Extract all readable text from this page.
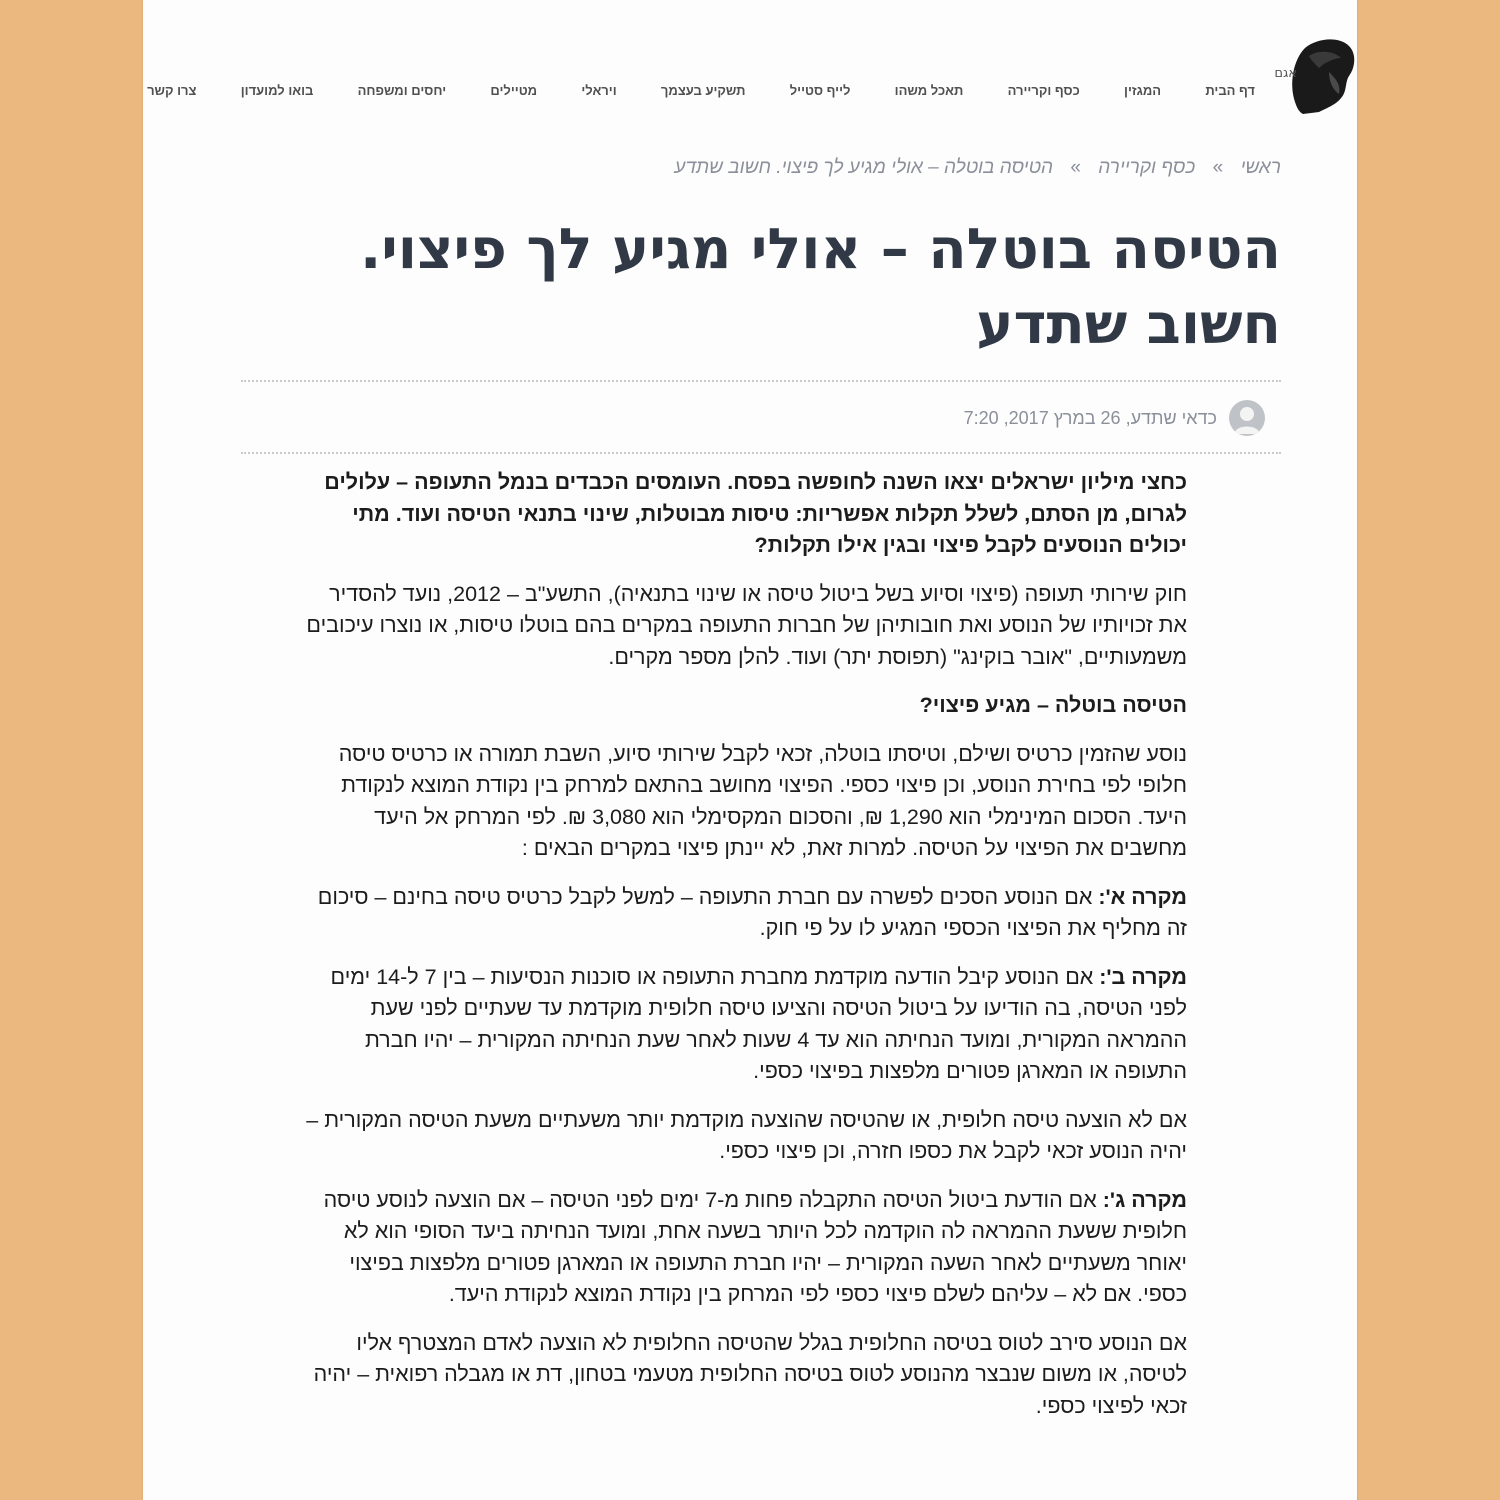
אגם
דף הבית
המגזין
כסף וקריירה
תאכל משהו
לייף סטייל
תשקיע בעצמך
ויראלי
מטיילים
יחסים ומשפחה
בואו למועדון
צרו קשר
ראשי » כסף וקריירה » הטיסה בוטלה – אולי מגיע לך פיצוי. חשוב שתדע
הטיסה בוטלה – אולי מגיע לך פיצוי. חשוב שתדע
כדאי שתדע, 26 במרץ 2017, 7:20

כחצי מיליון ישראלים יצאו השנה לחופשה בפסח. העומסים הכבדים בנמל התעופה – עלולים לגרום, מן הסתם, לשלל תקלות אפשריות: טיסות מבוטלות, שינוי בתנאי הטיסה ועוד. מתי יכולים הנוסעים לקבל פיצוי ובגין אילו תקלות?

חוק שירותי תעופה (פיצוי וסיוע בשל ביטול טיסה או שינוי בתנאיה), התשע"ב – 2012, נועד להסדיר את זכויותיו של הנוסע ואת חובותיהן של חברות התעופה במקרים בהם בוטלו טיסות, או נוצרו עיכובים משמעותיים, "אובר בוקינג" (תפוסת יתר) ועוד. להלן מספר מקרים.

הטיסה בוטלה – מגיע פיצוי?

נוסע שהזמין כרטיס ושילם, וטיסתו בוטלה, זכאי לקבל שירותי סיוע, השבת תמורה או כרטיס טיסה חלופי לפי בחירת הנוסע, וכן פיצוי כספי. הפיצוי מחושב בהתאם למרחק בין נקודת המוצא לנקודת היעד. הסכום המינימלי הוא 1,290 ₪, והסכום המקסימלי הוא 3,080 ₪. לפי המרחק אל היעד מחשבים את הפיצוי על הטיסה. למרות זאת, לא יינתן פיצוי במקרים הבאים :

מקרה א': אם הנוסע הסכים לפשרה עם חברת התעופה – למשל לקבל כרטיס טיסה בחינם – סיכום זה מחליף את הפיצוי הכספי המגיע לו על פי חוק.

מקרה ב': אם הנוסע קיבל הודעה מוקדמת מחברת התעופה או סוכנות הנסיעות – בין 7 ל-14 ימים לפני הטיסה, בה הודיעו על ביטול הטיסה והציעו טיסה חלופית מוקדמת עד שעתיים לפני שעת ההמראה המקורית, ומועד הנחיתה הוא עד 4 שעות לאחר שעת הנחיתה המקורית – יהיו חברת התעופה או המארגן פטורים מלפצות בפיצוי כספי.

אם לא הוצעה טיסה חלופית, או שהטיסה שהוצעה מוקדמת יותר משעתיים משעת הטיסה המקורית – יהיה הנוסע זכאי לקבל את כספו חזרה, וכן פיצוי כספי.

מקרה ג': אם הודעת ביטול הטיסה התקבלה פחות מ-7 ימים לפני הטיסה – אם הוצעה לנוסע טיסה חלופית ששעת ההמראה לה הוקדמה לכל היותר בשעה אחת, ומועד הנחיתה ביעד הסופי הוא לא יאוחר משעתיים לאחר השעה המקורית – יהיו חברת התעופה או המארגן פטורים מלפצות בפיצוי כספי. אם לא – עליהם לשלם פיצוי כספי לפי המרחק בין נקודת המוצא לנקודת היעד.

אם הנוסע סירב לטוס בטיסה החלופית בגלל שהטיסה החלופית לא הוצעה לאדם המצטרף אליו לטיסה, או משום שנבצר מהנוסע לטוס בטיסה החלופית מטעמי בטחון, דת או מגבלה רפואית – יהיה זכאי לפיצוי כספי.
